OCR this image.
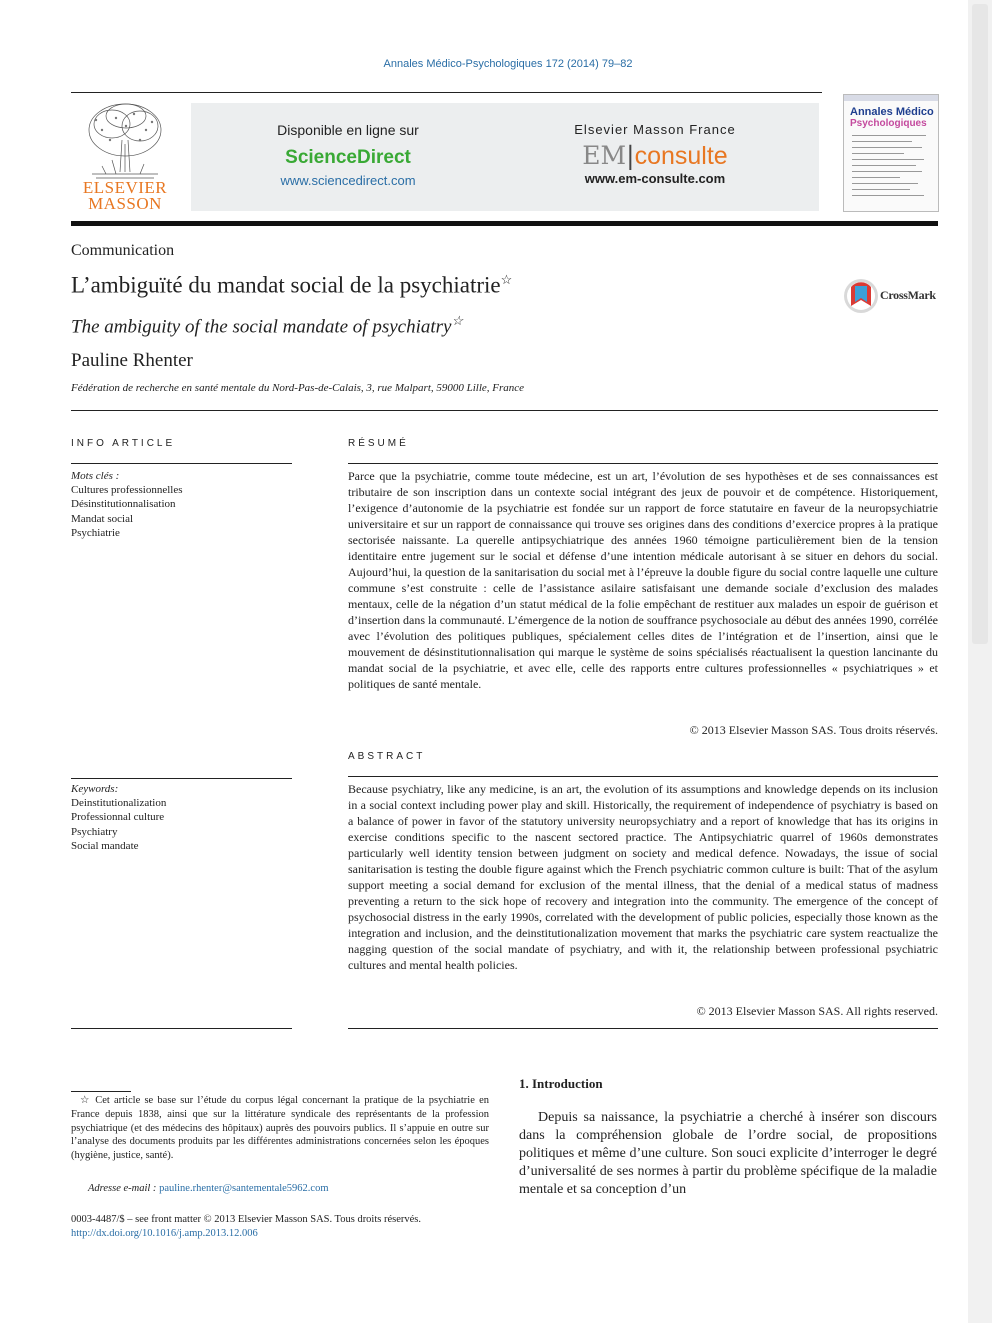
Annales Médico-Psychologiques 172 (2014) 79–82
ELSEVIER
MASSON
Disponible en ligne sur
ScienceDirect
www.sciencedirect.com
Elsevier Masson France
EM|consulte
www.em-consulte.com
Annales Médico
Psychologiques
Communication
L’ambiguïté du mandat social de la psychiatrie☆
The ambiguity of the social mandate of psychiatry☆
Pauline Rhenter
Fédération de recherche en santé mentale du Nord-Pas-de-Calais, 3, rue Malpart, 59000 Lille, France
CrossMark
INFO ARTICLE
Mots clés :
Cultures professionnelles
Désinstitutionnalisation
Mandat social
Psychiatrie
Keywords:
Deinstitutionalization
Professionnal culture
Psychiatry
Social mandate
RÉSUMÉ
Parce que la psychiatrie, comme toute médecine, est un art, l’évolution de ses hypothèses et de ses connaissances est tributaire de son inscription dans un contexte social intégrant des jeux de pouvoir et de compétence. Historiquement, l’exigence d’autonomie de la psychiatrie est fondée sur un rapport de force statutaire en faveur de la neuropsychiatrie universitaire et sur un rapport de connaissance qui trouve ses origines dans des conditions d’exercice propres à la pratique sectorisée naissante. La querelle antipsychiatrique des années 1960 témoigne particulièrement bien de la tension identitaire entre jugement sur le social et défense d’une intention médicale autorisant à se situer en dehors du social. Aujourd’hui, la question de la sanitarisation du social met à l’épreuve la double figure du social contre laquelle une culture commune s’est construite : celle de l’assistance asilaire satisfaisant une demande sociale d’exclusion des malades mentaux, celle de la négation d’un statut médical de la folie empêchant de restituer aux malades un espoir de guérison et d’insertion dans la communauté. L’émergence de la notion de souffrance psychosociale au début des années 1990, corrélée avec l’évolution des politiques publiques, spécialement celles dites de l’intégration et de l’insertion, ainsi que le mouvement de désinstitutionnalisation qui marque le système de soins spécialisés réactualisent la question lancinante du mandat social de la psychiatrie, et avec elle, celle des rapports entre cultures professionnelles « psychiatriques » et politiques de santé mentale.
© 2013 Elsevier Masson SAS. Tous droits réservés.
ABSTRACT
Because psychiatry, like any medicine, is an art, the evolution of its assumptions and knowledge depends on its inclusion in a social context including power play and skill. Historically, the requirement of independence of psychiatry is based on a balance of power in favor of the statutory university neuropsychiatry and a report of knowledge that has its origins in exercise conditions specific to the nascent sectored practice. The Antipsychiatric quarrel of 1960s demonstrates particularly well identity tension between judgment on society and medical defence. Nowadays, the issue of social sanitarisation is testing the double figure against which the French psychiatric common culture is built: That of the asylum support meeting a social demand for exclusion of the mental illness, that the denial of a medical status of madness preventing a return to the sick hope of recovery and integration into the community. The emergence of the concept of psychosocial distress in the early 1990s, correlated with the development of public policies, especially those known as the integration and inclusion, and the deinstitutionalization movement that marks the psychiatric care system reactualize the nagging question of the social mandate of psychiatry, and with it, the relationship between professional psychiatric cultures and mental health policies.
© 2013 Elsevier Masson SAS. All rights reserved.
☆ Cet article se base sur l’étude du corpus légal concernant la pratique de la psychiatrie en France depuis 1838, ainsi que sur la littérature syndicale des représentants de la profession psychiatrique (et des médecins des hôpitaux) auprès des pouvoirs publics. Il s’appuie en outre sur l’analyse des documents produits par les différentes administrations concernées selon les époques (hygiène, justice, santé).
Adresse e-mail : pauline.rhenter@santementale5962.com
0003-4487/$ – see front matter © 2013 Elsevier Masson SAS. Tous droits réservés.
http://dx.doi.org/10.1016/j.amp.2013.12.006
1. Introduction
Depuis sa naissance, la psychiatrie a cherché à insérer son discours dans la compréhension globale de l’ordre social, de propositions politiques et même d’une culture. Son souci explicite d’interroger le degré d’universalité de ses normes à partir du problème spécifique de la maladie mentale et sa conception d’un
